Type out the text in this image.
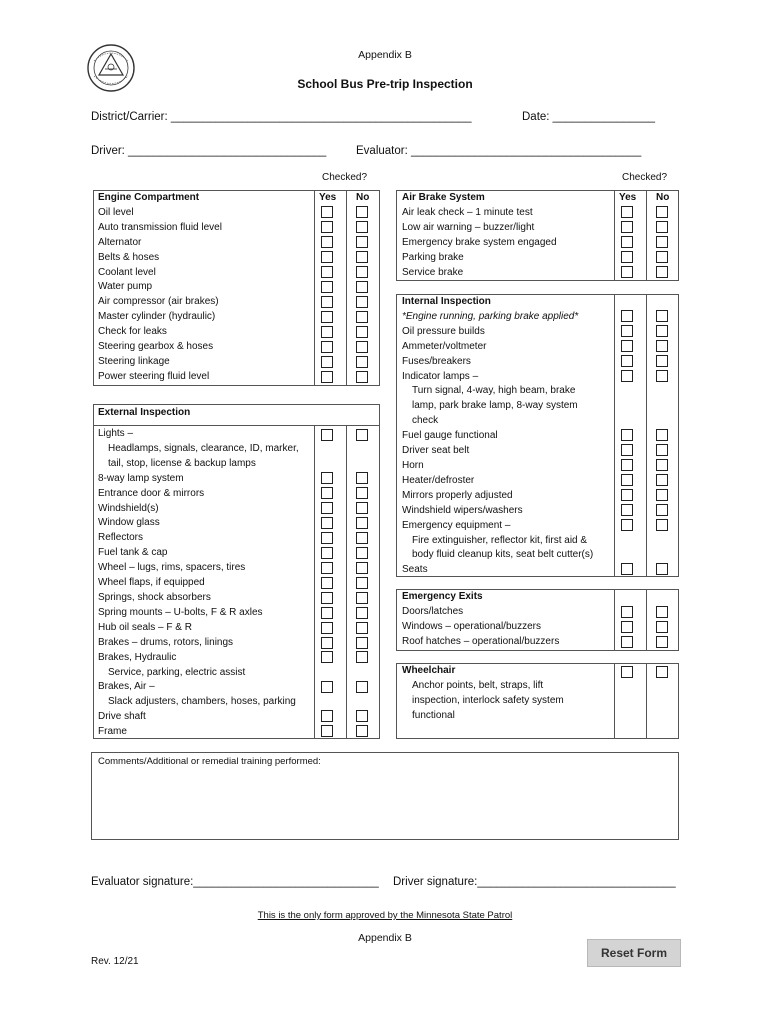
Appendix B
School Bus Pre-trip Inspection
District/Carrier: _______________________________________________	Date: ________________
Driver: _______________________________	Evaluator: ____________________________________
Checked?	Checked?
Yes No
Engine Compartment
Oil level
Auto transmission fluid level
Alternator
Belts & hoses
Coolant level
Water pump
Air compressor (air brakes)
Master cylinder (hydraulic)
Check for leaks
Steering gearbox & hoses
Steering linkage
Power steering fluid level
External Inspection
Lights –
Headlamps, signals, clearance, ID, marker,
tail, stop, license & backup lamps
8-way lamp system
Entrance door & mirrors
Windshield(s)
Window glass
Reflectors
Fuel tank & cap
Wheel – lugs, rims, spacers, tires
Wheel flaps, if equipped
Springs, shock absorbers
Spring mounts – U-bolts, F & R axles
Hub oil seals – F & R
Brakes – drums, rotors, linings
Brakes, Hydraulic
Service, parking, electric assist
Brakes, Air –
Slack adjusters, chambers, hoses, parking
Drive shaft
Frame
Yes No
Air Brake System
Air leak check – 1 minute test
Low air warning – buzzer/light
Emergency brake system engaged
Parking brake
Service brake
Internal Inspection
*Engine running, parking brake applied*
Oil pressure builds
Ammeter/voltmeter
Fuses/breakers
Indicator lamps –
Turn signal, 4-way, high beam, brake
lamp, park brake lamp, 8-way system
check
Fuel gauge functional
Driver seat belt
Horn
Heater/defroster
Mirrors properly adjusted
Windshield wipers/washers
Emergency equipment –
Fire extinguisher, reflector kit, first aid &
body fluid cleanup kits, seat belt cutter(s)
Seats
Emergency Exits
Doors/latches
Windows – operational/buzzers
Roof hatches – operational/buzzers
Wheelchair
Anchor points, belt, straps, lift
inspection, interlock safety system
functional
Comments/Additional or remedial training performed:
Evaluator signature:_____________________________ Driver signature:_______________________________
This is the only form approved by the Minnesota State Patrol
Appendix B
Rev. 12/21
Reset Form
